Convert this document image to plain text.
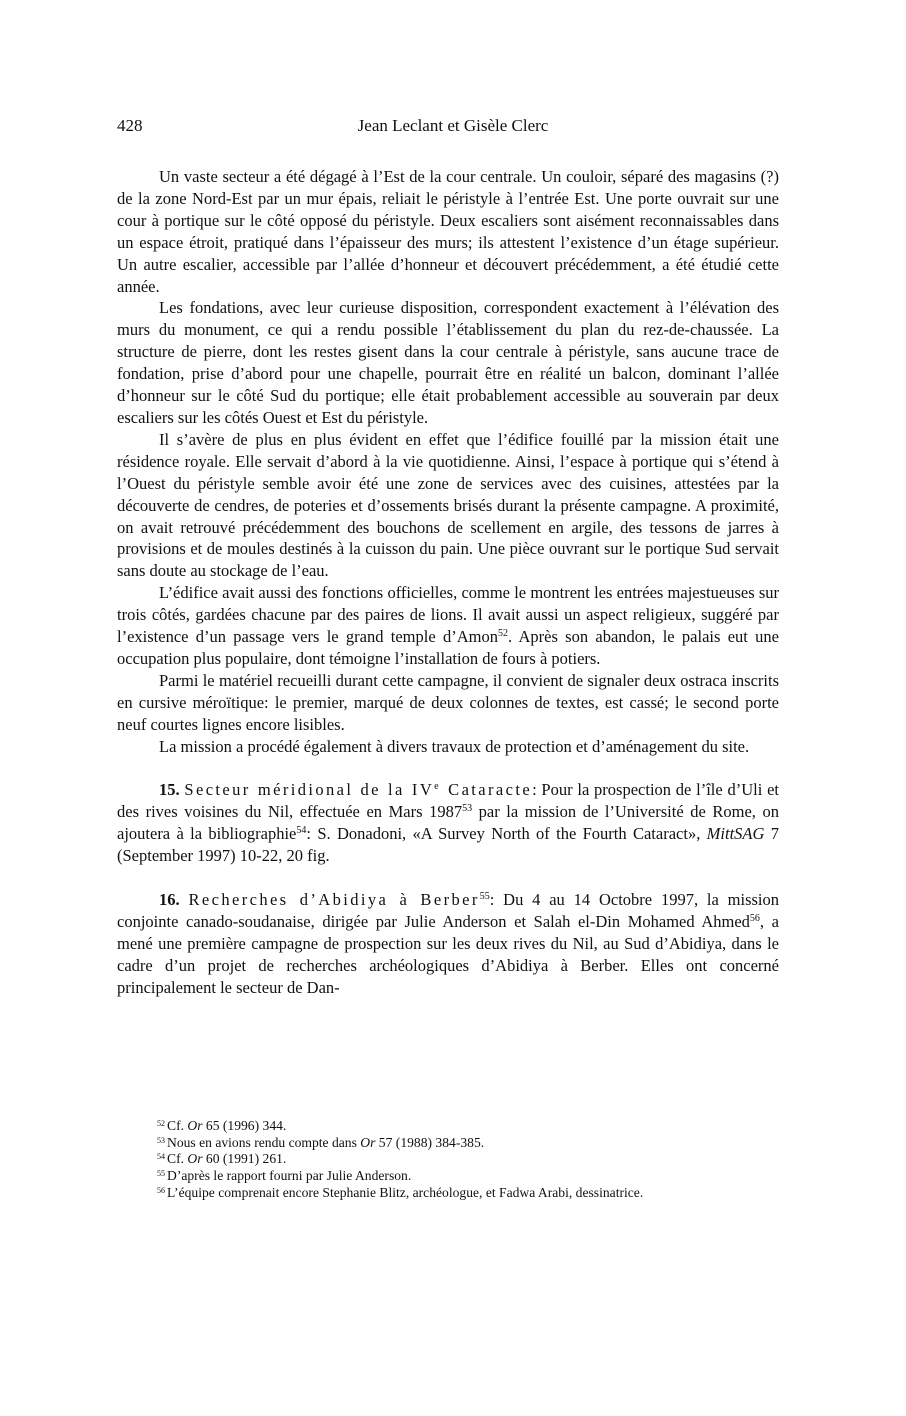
428	Jean Leclant et Gisèle Clerc

Un vaste secteur a été dégagé à l’Est de la cour centrale. Un couloir, séparé des magasins (?) de la zone Nord-Est par un mur épais, reliait le péristyle à l’entrée Est. Une porte ouvrait sur une cour à portique sur le côté opposé du péristyle. Deux escaliers sont aisément reconnaissables dans un espace étroit, pratiqué dans l’épaisseur des murs; ils attestent l’existence d’un étage supérieur. Un autre escalier, accessible par l’allée d’honneur et découvert précédemment, a été étudié cette année.

Les fondations, avec leur curieuse disposition, correspondent exactement à l’élévation des murs du monument, ce qui a rendu possible l’établissement du plan du rez-de-chaussée. La structure de pierre, dont les restes gisent dans la cour centrale à péristyle, sans aucune trace de fondation, prise d’abord pour une chapelle, pourrait être en réalité un balcon, dominant l’allée d’honneur sur le côté Sud du portique; elle était probablement accessible au souverain par deux escaliers sur les côtés Ouest et Est du péristyle.

Il s’avère de plus en plus évident en effet que l’édifice fouillé par la mission était une résidence royale. Elle servait d’abord à la vie quotidienne. Ainsi, l’espace à portique qui s’étend à l’Ouest du péristyle semble avoir été une zone de services avec des cuisines, attestées par la découverte de cendres, de poteries et d’ossements brisés durant la présente campagne. A proximité, on avait retrouvé précédemment des bouchons de scellement en argile, des tessons de jarres à provisions et de moules destinés à la cuisson du pain. Une pièce ouvrant sur le portique Sud servait sans doute au stockage de l’eau.

L’édifice avait aussi des fonctions officielles, comme le montrent les entrées majestueuses sur trois côtés, gardées chacune par des paires de lions. Il avait aussi un aspect religieux, suggéré par l’existence d’un passage vers le grand temple d’Amon$^{52}$. Après son abandon, le palais eut une occupation plus populaire, dont témoigne l’installation de fours à potiers.

Parmi le matériel recueilli durant cette campagne, il convient de signaler deux ostraca inscrits en cursive méroïtique: le premier, marqué de deux colonnes de textes, est cassé; le second porte neuf courtes lignes encore lisibles.

La mission a procédé également à divers travaux de protection et d’aménagement du site.

15. Secteur méridional de la IVe Cataracte: Pour la prospection de l’île d’Uli et des rives voisines du Nil, effectuée en Mars 1987$^{53}$ par la mission de l’Université de Rome, on ajoutera à la bibliographie$^{54}$: S. Donadoni, «A Survey North of the Fourth Cataract», MittSAG 7 (September 1997) 10-22, 20 fig.

16. Recherches d’Abidiya à Berber$^{55}$: Du 4 au 14 Octobre 1997, la mission conjointe canado-soudanaise, dirigée par Julie Anderson et Salah el-Din Mohamed Ahmed$^{56}$, a mené une première campagne de prospection sur les deux rives du Nil, au Sud d’Abidiya, dans le cadre d’un projet de recherches archéologiques d’Abidiya à Berber. Elles ont concerné principalement le secteur de Dan-

$^{52}$ Cf. Or 65 (1996) 344.
$^{53}$ Nous en avions rendu compte dans Or 57 (1988) 384-385.
$^{54}$ Cf. Or 60 (1991) 261.
$^{55}$ D’après le rapport fourni par Julie Anderson.
$^{56}$ L’équipe comprenait encore Stephanie Blitz, archéologue, et Fadwa Arabi, dessinatrice.
